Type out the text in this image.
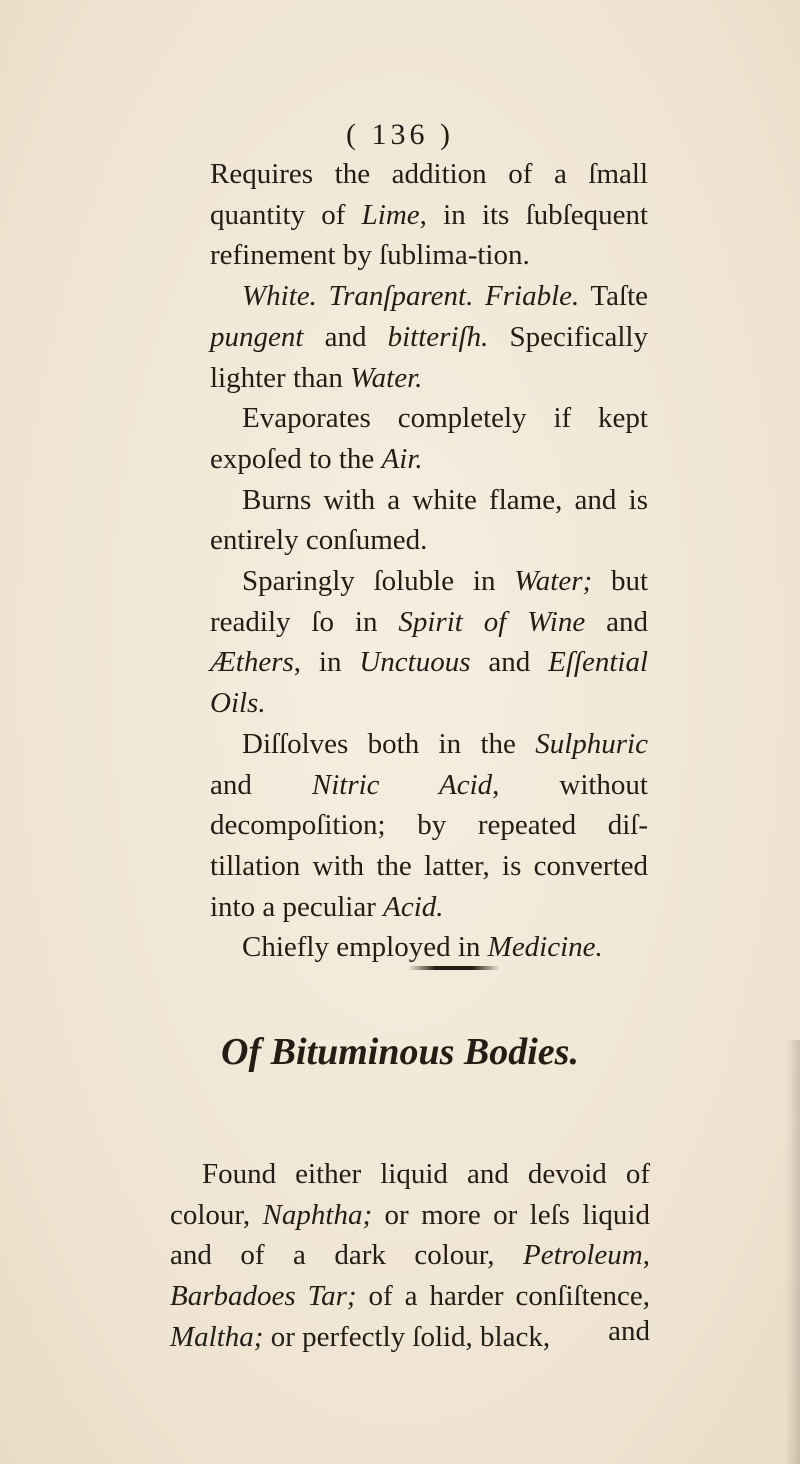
( 136 )

Requires the addition of a ſmall quantity of Lime, in its ſubſequent refinement by ſublima-tion.

White. Tranſparent. Friable. Taſte pungent and bitteriſh. Specifically lighter than Water.

Evaporates completely if kept expoſed to the Air.

Burns with a white flame, and is entirely conſumed.

Sparingly ſoluble in Water; but readily ſo in Spirit of Wine and Æthers, in Unctuous and Eſſential Oils.

Diſſolves both in the Sulphuric and Nitric Acid, without decompoſition; by repeated diſ-tillation with the latter, is converted into a peculiar Acid.

Chiefly employed in Medicine.

Of Bituminous Bodies.

Found either liquid and devoid of colour, Naphtha; or more or leſs liquid and of a dark colour, Petroleum, Barbadoes Tar; of a harder conſiſtence, Maltha; or perfectly ſolid, black,	and
